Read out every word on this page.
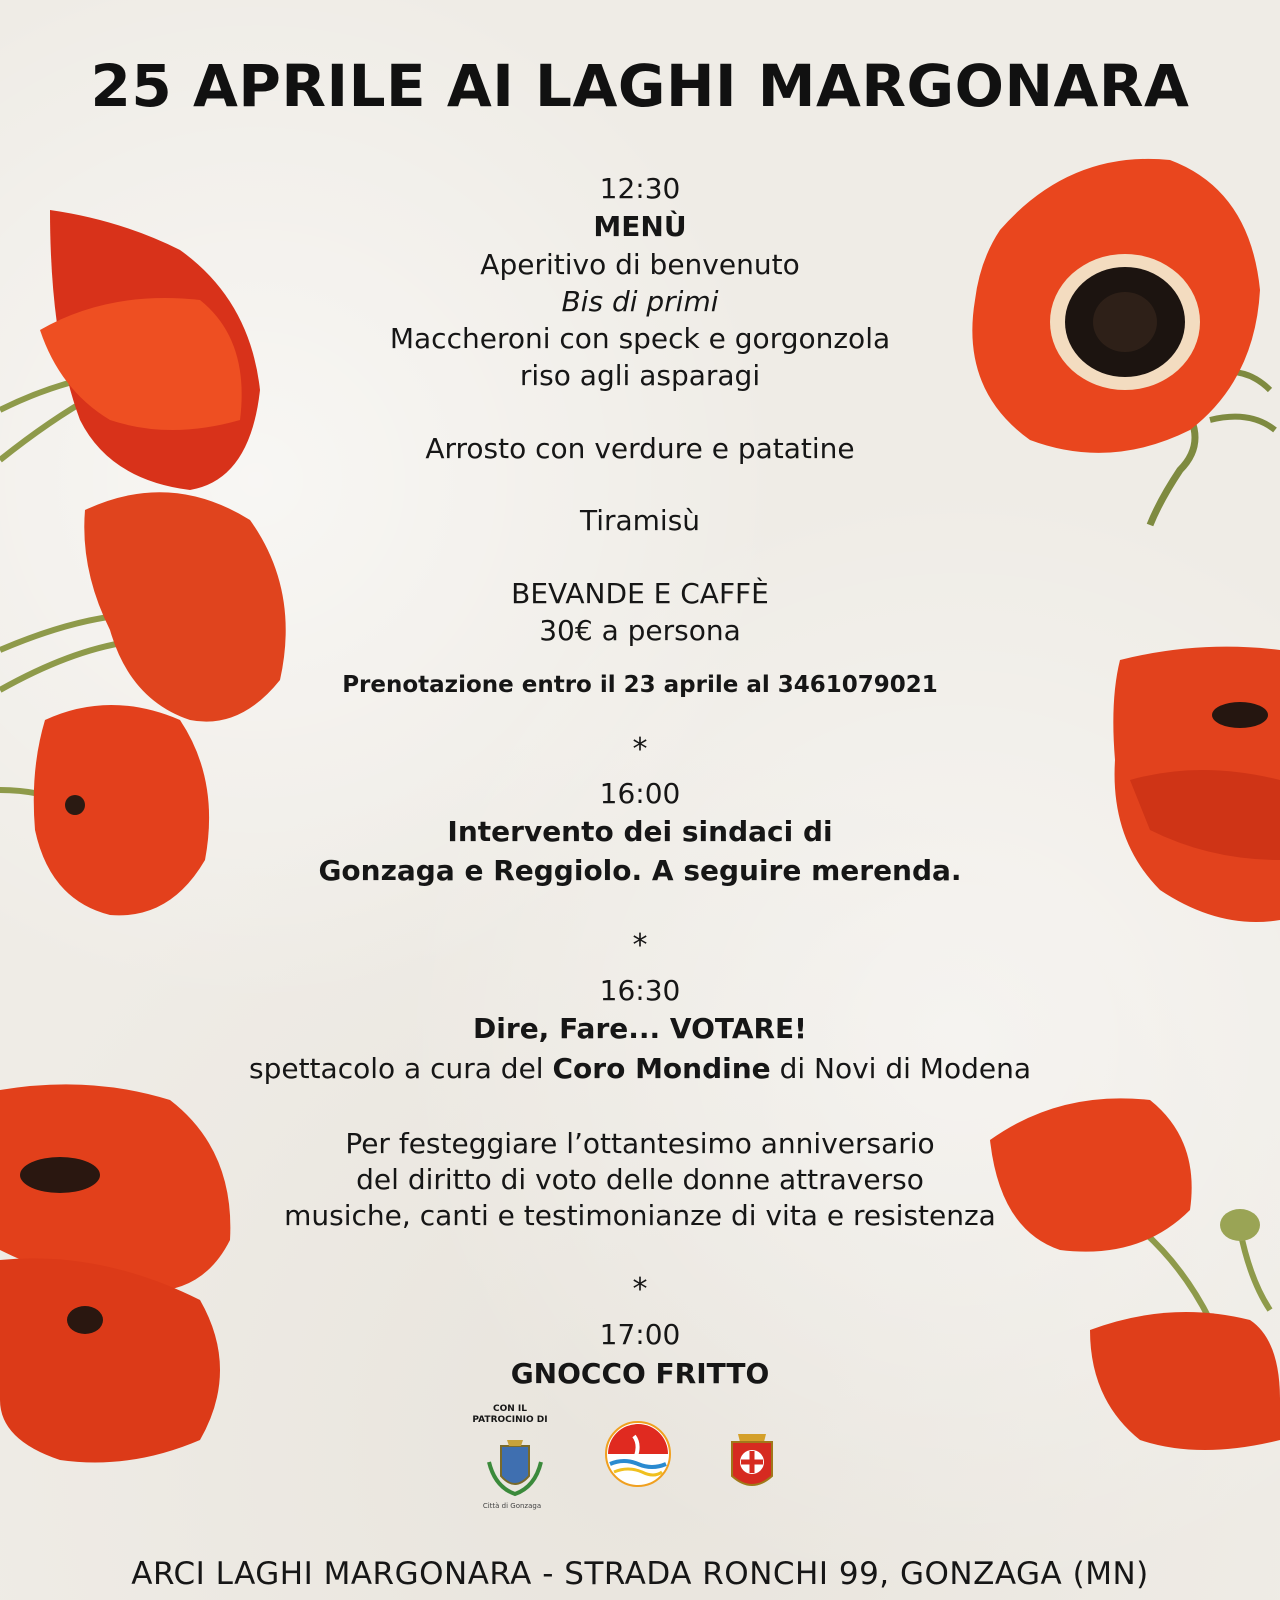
25 APRILE AI LAGHI MARGONARA
12:30
MENÙ
Aperitivo di benvenuto
Bis di primi
Maccheroni con speck e gorgonzola
riso agli asparagi
Arrosto con verdure e patatine
Tiramisù
BEVANDE E CAFFÈ
30€ a persona
Prenotazione entro il 23 aprile al 3461079021
*
16:00
Intervento dei sindaci di
Gonzaga e Reggiolo. A seguire merenda.
*
16:30
Dire, Fare... VOTARE!
spettacolo a cura del Coro Mondine di Novi di Modena
Per festeggiare l’ottantesimo anniversario
del diritto di voto delle donne attraverso
musiche, canti e testimonianze di vita e resistenza
*
17:00
GNOCCO FRITTO
CON IL
PATROCINIO DI
Città di Gonzaga
ARCI LAGHI MARGONARA - STRADA RONCHI 99, GONZAGA (MN)
